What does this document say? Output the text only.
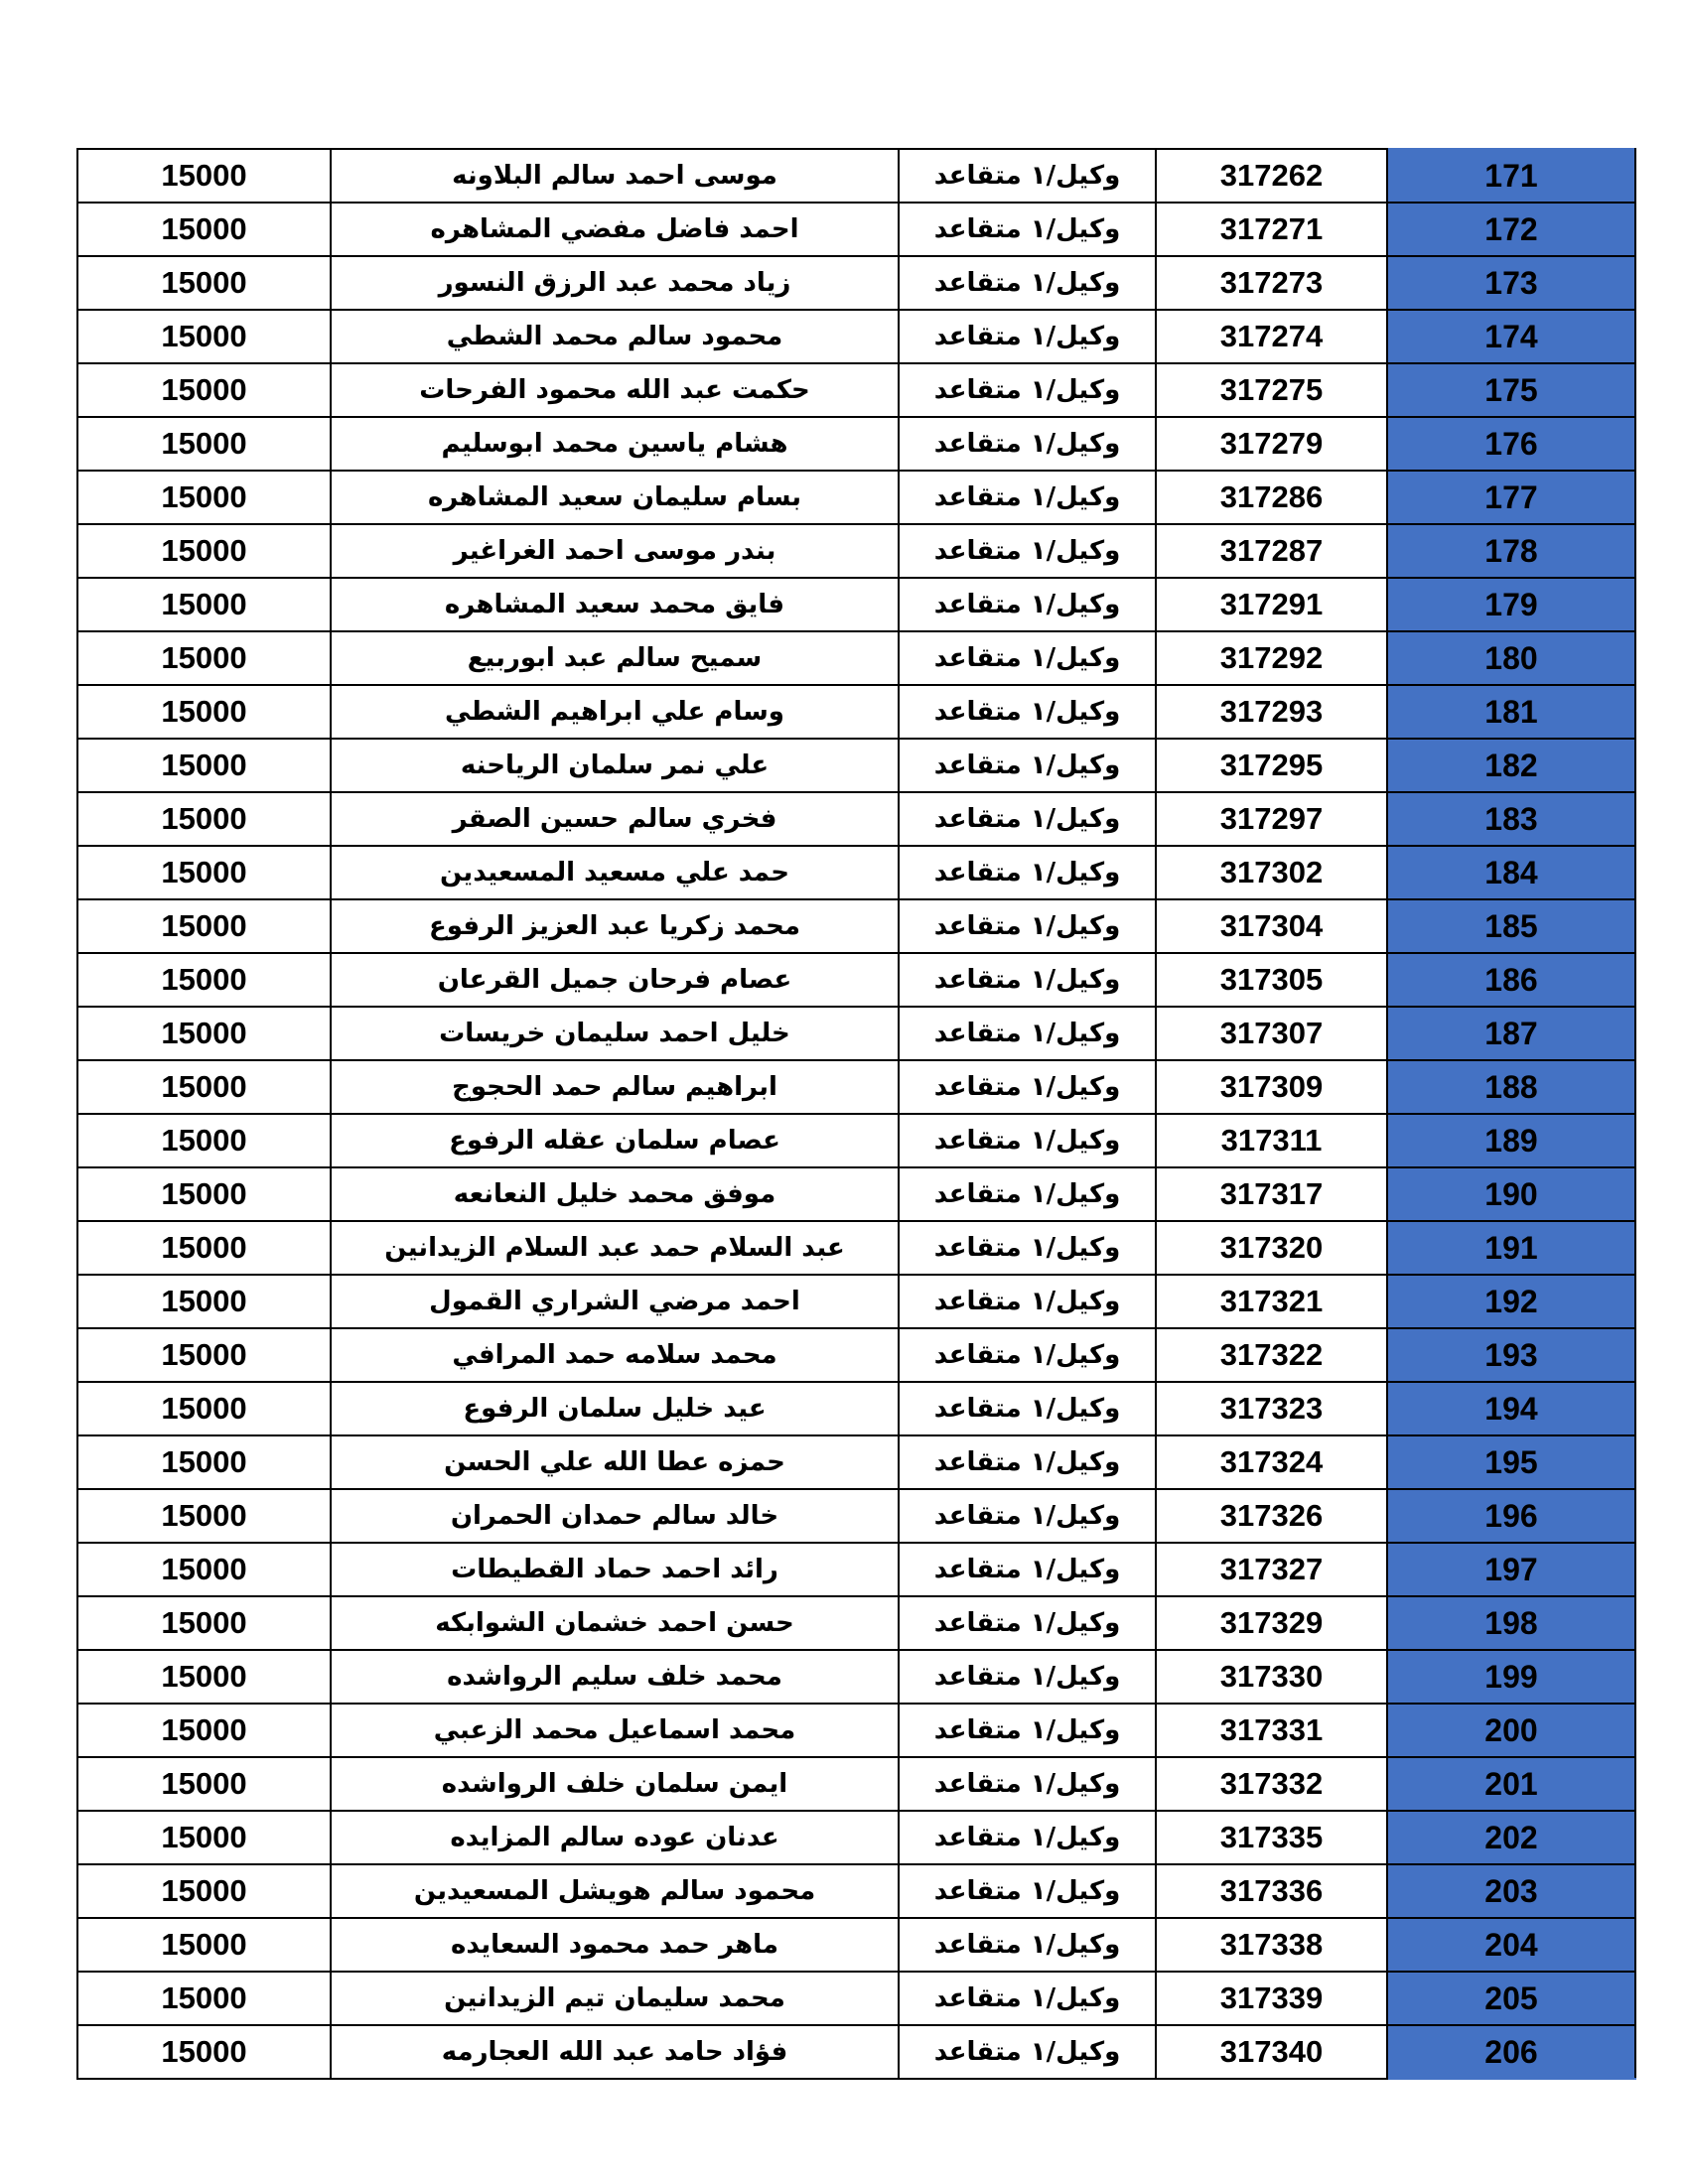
15000	موسى احمد سالم البلاونه	وكيل/١ متقاعد	317262	171
15000	احمد فاضل مفضي المشاهره	وكيل/١ متقاعد	317271	172
15000	زياد محمد عبد الرزق النسور	وكيل/١ متقاعد	317273	173
15000	محمود سالم محمد الشطي	وكيل/١ متقاعد	317274	174
15000	حكمت عبد الله محمود الفرحات	وكيل/١ متقاعد	317275	175
15000	هشام ياسين محمد ابوسليم	وكيل/١ متقاعد	317279	176
15000	بسام سليمان سعيد المشاهره	وكيل/١ متقاعد	317286	177
15000	بندر موسى احمد الغراغير	وكيل/١ متقاعد	317287	178
15000	فايق محمد سعيد المشاهره	وكيل/١ متقاعد	317291	179
15000	سميح سالم عبد ابوربيع	وكيل/١ متقاعد	317292	180
15000	وسام علي ابراهيم الشطي	وكيل/١ متقاعد	317293	181
15000	علي نمر سلمان الرياحنه	وكيل/١ متقاعد	317295	182
15000	فخري سالم حسين الصقر	وكيل/١ متقاعد	317297	183
15000	حمد علي مسعيد المسعيدين	وكيل/١ متقاعد	317302	184
15000	محمد زكريا عبد العزيز الرفوع	وكيل/١ متقاعد	317304	185
15000	عصام فرحان جميل القرعان	وكيل/١ متقاعد	317305	186
15000	خليل احمد سليمان خريسات	وكيل/١ متقاعد	317307	187
15000	ابراهيم سالم حمد الحجوج	وكيل/١ متقاعد	317309	188
15000	عصام سلمان عقله الرفوع	وكيل/١ متقاعد	317311	189
15000	موفق محمد خليل النعانعه	وكيل/١ متقاعد	317317	190
15000	عبد السلام حمد عبد السلام الزيدانين	وكيل/١ متقاعد	317320	191
15000	احمد مرضي الشراري القمول	وكيل/١ متقاعد	317321	192
15000	محمد سلامه حمد المرافي	وكيل/١ متقاعد	317322	193
15000	عيد خليل سلمان الرفوع	وكيل/١ متقاعد	317323	194
15000	حمزه عطا الله علي الحسن	وكيل/١ متقاعد	317324	195
15000	خالد سالم حمدان الحمران	وكيل/١ متقاعد	317326	196
15000	رائد احمد حماد القطيطات	وكيل/١ متقاعد	317327	197
15000	حسن احمد خشمان الشوابكه	وكيل/١ متقاعد	317329	198
15000	محمد خلف سليم الرواشده	وكيل/١ متقاعد	317330	199
15000	محمد اسماعيل محمد الزعبي	وكيل/١ متقاعد	317331	200
15000	ايمن سلمان خلف الرواشده	وكيل/١ متقاعد	317332	201
15000	عدنان عوده سالم المزايده	وكيل/١ متقاعد	317335	202
15000	محمود سالم هويشل المسعيدين	وكيل/١ متقاعد	317336	203
15000	ماهر حمد محمود السعايده	وكيل/١ متقاعد	317338	204
15000	محمد سليمان تيم الزيدانين	وكيل/١ متقاعد	317339	205
15000	فؤاد حامد عبد الله العجارمه	وكيل/١ متقاعد	317340	206
